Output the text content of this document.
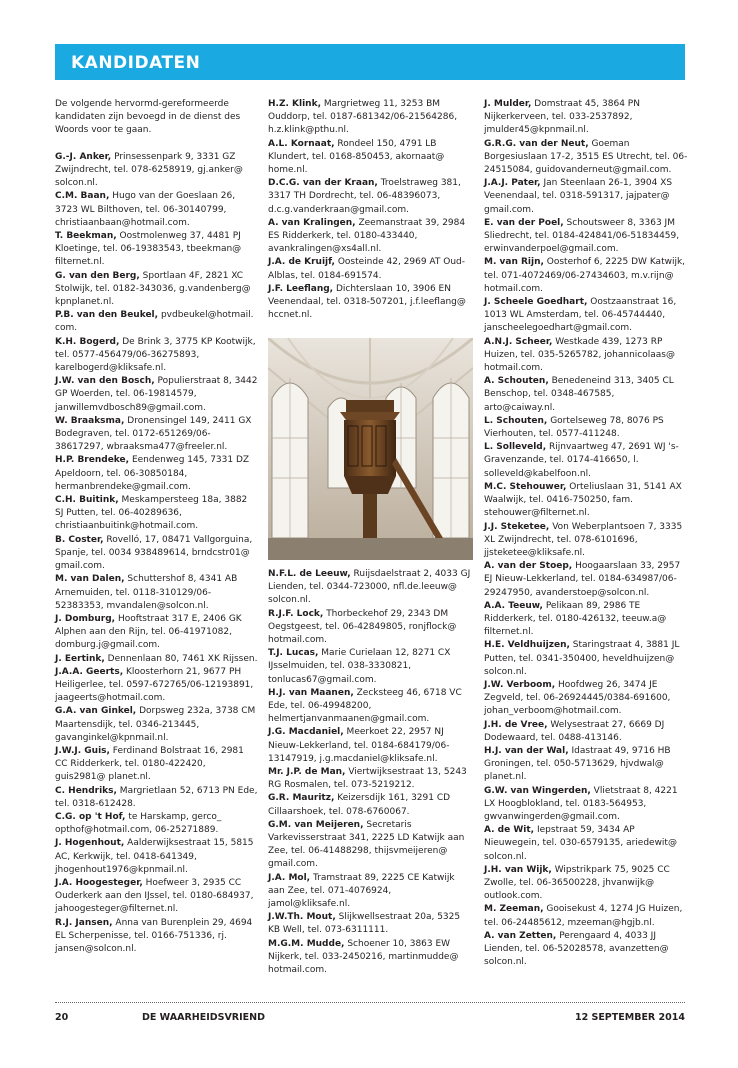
KANDIDATEN
De volgende hervormd-gereformeerde kandidaten zijn bevoegd in de dienst des Woords voor te gaan.

G.-J. Anker, Prinsessenpark 9, 3331 GZ Zwijndrecht, tel. 078-6258919, gj.anker@ solcon.nl.

C.M. Baan, Hugo van der Goeslaan 26, 3723 WL Bilthoven, tel. 06-30140799, christiaanbaan@hotmail.com.

T. Beekman, Oostmolenweg 37, 4481 PJ Kloetinge, tel. 06-19383543, tbeekman@ filternet.nl.

G. van den Berg, Sportlaan 4F, 2821 XC Stolwijk, tel. 0182-343036, g.vandenberg@ kpnplanet.nl.

P.B. van den Beukel, pvdbeukel@hotmail. com.

K.H. Bogerd, De Brink 3, 3775 KP Kootwijk, tel. 0577-456479/06-36275893, karelbogerd@kliksafe.nl.

J.W. van den Bosch, Populierstraat 8, 3442 GP Woerden, tel. 06-19814579, janwillemvdbosch89@gmail.com.

W. Braaksma, Dronensingel 149, 2411 GX Bodegraven, tel. 0172-651269/06-38617297, wbraaksma477@freeler.nl.

H.P. Brendeke, Eendenweg 145, 7331 DZ Apeldoorn, tel. 06-30850184, hermanbrendeke@gmail.com.

C.H. Buitink, Meskampersteeg 18a, 3882 SJ Putten, tel. 06-40289636, christiaanbuitink@hotmail.com.

B. Coster, Rovelló, 17, 08471 Vallgorguina, Spanje, tel. 0034 938489614, brndcstr01@ gmail.com.

M. van Dalen, Schuttershof 8, 4341 AB Arnemuiden, tel. 0118-310129/06-52383353, mvandalen@solcon.nl.

J. Domburg, Hooftstraat 317 E, 2406 GK Alphen aan den Rijn, tel. 06-41971082, domburg.j@gmail.com.

J. Eertink, Dennenlaan 80, 7461 XK Rijssen.

J.A.A. Geerts, Kloosterhorn 21, 9677 PH Heiligerlee, tel. 0597-672765/06-12193891, jaageerts@hotmail.com.

G.A. van Ginkel, Dorpsweg 232a, 3738 CM Maartensdijk, tel. 0346-213445, gavanginkel@kpnmail.nl.

J.W.J. Guis, Ferdinand Bolstraat 16, 2981 CC Ridderkerk, tel. 0180-422420, guis2981@ planet.nl.

C. Hendriks, Margrietlaan 52, 6713 PN Ede, tel. 0318-612428.

C.G. op 't Hof, te Harskamp, gerco_ opthof@hotmail.com, 06-25271889.

J. Hogenhout, Aalderwijksestraat 15, 5815 AC, Kerkwijk, tel. 0418-641349, jhogenhout1976@kpnmail.nl.

J.A. Hoogesteger, Hoefweer 3, 2935 CC Ouderkerk aan den IJssel, tel. 0180-684937, jahoogesteger@filternet.nl.

R.J. Jansen, Anna van Burenplein 29, 4694 EL Scherpenisse, tel. 0166-751336, rj. jansen@solcon.nl.

H.Z. Klink, Margrietweg 11, 3253 BM Ouddorp, tel. 0187-681342/06-21564286, h.z.klink@pthu.nl.

A.L. Kornaat, Rondeel 150, 4791 LB Klundert, tel. 0168-850453, akornaat@ home.nl.

D.C.G. van der Kraan, Troelstraweg 381, 3317 TH Dordrecht, tel. 06-48396073, d.c.g.vanderkraan@gmail.com.

A. van Kralingen, Zeemanstraat 39, 2984 ES Ridderkerk, tel. 0180-433440, avankralingen@xs4all.nl.

J.A. de Kruijf, Oosteinde 42, 2969 AT Oud-Alblas, tel. 0184-691574.

J.F. Leeflang, Dichterslaan 10, 3906 EN Veenendaal, tel. 0318-507201, j.f.leeflang@ hccnet.nl.

N.F.L. de Leeuw, Ruijsdaelstraat 2, 4033 GJ Lienden, tel. 0344-723000, nfl.de.leeuw@ solcon.nl.

R.J.F. Lock, Thorbeckehof 29, 2343 DM Oegstgeest, tel. 06-42849805, ronjflock@ hotmail.com.

T.J. Lucas, Marie Curielaan 12, 8271 CX IJsselmuiden, tel. 038-3330821, tonlucas67@gmail.com.

H.J. van Maanen, Zecksteeg 46, 6718 VC Ede, tel. 06-49948200, helmertjanvanmaanen@gmail.com.

J.G. Macdaniel, Meerkoet 22, 2957 NJ Nieuw-Lekkerland, tel. 0184-684179/06-13147919, j.g.macdaniel@kliksafe.nl.

Mr. J.P. de Man, Viertwijksestraat 13, 5243 RG Rosmalen, tel. 073-5219212.

G.R. Mauritz, Keizersdijk 161, 3291 CD Cillaarshoek, tel. 078-6760067.

G.M. van Meijeren, Secretaris Varkevisserstraat 341, 2225 LD Katwijk aan Zee, tel. 06-41488298, thijsvmeijeren@ gmail.com.

J.A. Mol, Tramstraat 89, 2225 CE Katwijk aan Zee, tel. 071-4076924, jamol@kliksafe.nl.

J.W.Th. Mout, Slijkwellsestraat 20a, 5325 KB Well, tel. 073-6311111.

M.G.M. Mudde, Schoener 10, 3863 EW Nijkerk, tel. 033-2450216, martinmudde@ hotmail.com.

J. Mulder, Domstraat 45, 3864 PN Nijkerkerveen, tel. 033-2537892, jmulder45@kpnmail.nl.

G.R.G. van der Neut, Goeman Borgesiuslaan 17-2, 3515 ES Utrecht, tel. 06-24515084, guidovanderneut@gmail.com.

J.A.J. Pater, Jan Steenlaan 26-1, 3904 XS Veenendaal, tel. 0318-591317, jajpater@ gmail.com.

E. van der Poel, Schoutsweer 8, 3363 JM Sliedrecht, tel. 0184-424841/06-51834459, erwinvanderpoel@gmail.com.

M. van Rijn, Oosterhof 6, 2225 DW Katwijk, tel. 071-4072469/06-27434603, m.v.rijn@ hotmail.com.

J. Scheele Goedhart, Oostzaanstraat 16, 1013 WL Amsterdam, tel. 06-45744440, janscheelegoedhart@gmail.com.

A.N.J. Scheer, Westkade 439, 1273 RP Huizen, tel. 035-5265782, johannicolaas@ hotmail.com.

A. Schouten, Benedeneind 313, 3405 CL Benschop, tel. 0348-467585, arto@caiway.nl.

L. Schouten, Gortelseweg 78, 8076 PS Vierhouten, tel. 0577-411248.

L. Solleveld, Rijnvaartweg 47, 2691 WJ 's-Gravenzande, tel. 0174-416650, l. solleveld@kabelfoon.nl.

M.C. Stehouwer, Orteliuslaan 31, 5141 AX Waalwijk, tel. 0416-750250, fam. stehouwer@filternet.nl.

J.J. Steketee, Von Weberplantsoen 7, 3335 XL Zwijndrecht, tel. 078-6101696, jjsteketee@kliksafe.nl.

A. van der Stoep, Hoogaarslaan 33, 2957 EJ Nieuw-Lekkerland, tel. 0184-634987/06-29247950, avanderstoep@solcon.nl.

A.A. Teeuw, Pelikaan 89, 2986 TE Ridderkerk, tel. 0180-426132, teeuw.a@ filternet.nl.

H.E. Veldhuijzen, Staringstraat 4, 3881 JL Putten, tel. 0341-350400, heveldhuijzen@ solcon.nl.

J.W. Verboom, Hoofdweg 26, 3474 JE Zegveld, tel. 06-26924445/0384-691600, johan_verboom@hotmail.com.

J.H. de Vree, Welysestraat 27, 6669 DJ Dodewaard, tel. 0488-413146.

H.J. van der Wal, Idastraat 49, 9716 HB Groningen, tel. 050-5713629, hjvdwal@ planet.nl.

G.W. van Wingerden, Vlietstraat 8, 4221 LX Hoogblokland, tel. 0183-564953, gwvanwingerden@gmail.com.

A. de Wit, Iepstraat 59, 3434 AP Nieuwegein, tel. 030-6579135, ariedewit@ solcon.nl.

J.H. van Wijk, Wipstrikpark 75, 9025 CC Zwolle, tel. 06-36500228, jhvanwijk@ outlook.com.

M. Zeeman, Gooisekust 4, 1274 JG Huizen, tel. 06-24485612, mzeeman@hgjb.nl.

A. van Zetten, Perengaard 4, 4033 JJ Lienden, tel. 06-52028578, avanzetten@ solcon.nl.

20	DE WAARHEIDSVRIEND	12 SEPTEMBER 2014
